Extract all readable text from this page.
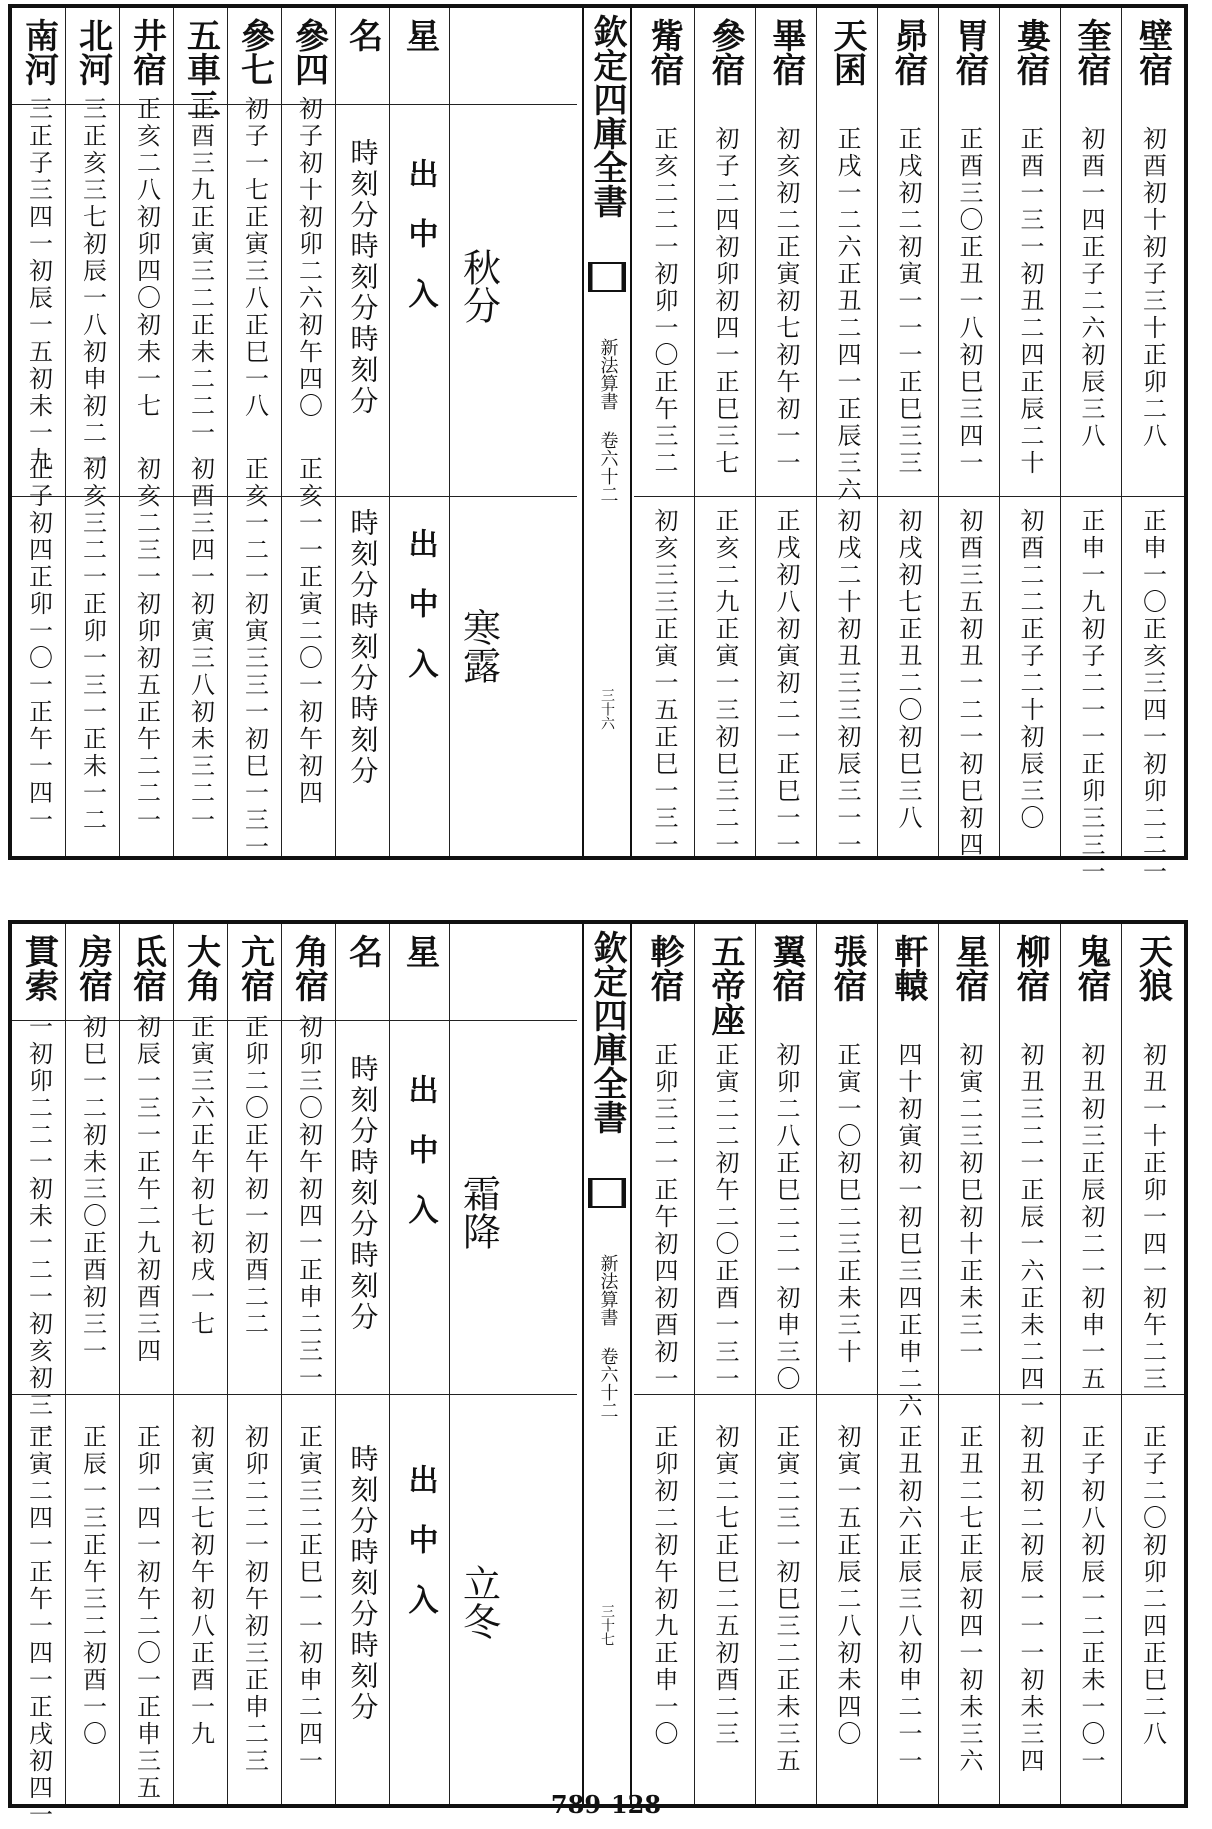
南河
三正子三四一初辰一五初未一九
正子初四正卯一〇一正午一四一
北河
三正亥三七初辰一八初申初二一
初亥三二一正卯一三一正未一二
井宿
正亥二八初卯四〇初未一七
初亥二三一初卯初五正午二二一
五車二
正酉三九正寅三二正未二二一
初酉三四一初寅三八初未三二一
參七
初子一七正寅三八正巳一八
正亥一二一初寅三三一初巳一三一
參四
初子初十初卯二六初午四〇
正亥一一正寅二〇一初午初四
名
時刻分時刻分時刻分
時刻分時刻分時刻分
星
出　中　入
出　中　入
秋分
寒露
欽定四庫全書
新法算書 卷六十二
三十六
觜宿
正亥二二一初卯一〇正午三二
初亥三三正寅一五正巳一三一
參宿
初子二四初卯初四一正巳三七
正亥二九正寅一三初巳三二一
畢宿
初亥初二正寅初七初午初一一
正戌初八初寅初二一正巳一一
天囷
正戌一二六正丑二四一正辰三六
初戌二十初丑三三初辰三一一
昴宿
正戌初二初寅一一一正巳三三
初戌初七正丑二〇初巳三八
胃宿
正酉三〇正丑一八初巳三四一
初酉三五初丑一二一初巳初四
婁宿
正酉一三一初丑二四正辰二十
初酉二二正子二十初辰三〇
奎宿
初酉一四正子二六初辰三八
正申一九初子二一一正卯三三一
壁宿
初酉初十初子三十正卯二八
正申一〇正亥三四一初卯二二一
貫索
一初卯二二一初未一二一初亥初三一
正寅二四一正午一四一正戌初四一
房宿
初巳一二初未三〇正酉初三一
正辰一三正午三二初酉一〇
氐宿
初辰一三一正午二九初酉三四
正卯一四一初午二〇一正申三五
大角
正寅三六正午初七初戌一七
初寅三七初午初八正酉一九
亢宿
正卯二〇正午初一初酉二二
初卯二二一初午初三正申二三
角宿
初卯三〇初午初四一正申二三一
正寅三二正巳一一初申二四一
名
時刻分時刻分時刻分
時刻分時刻分時刻分
星
出　中　入
出　中　入
霜降
立冬
欽定四庫全書
新法算書 卷六十二
三十七
軫宿
正卯三二一正午初四初酉初一
正卯初二初午初九正申一〇
五帝座
正寅二二初午二〇正酉一三一
初寅二七正巳二五初酉二三
翼宿
初卯二八正巳二二一初申三〇
正寅二三一初巳三二正未三五
張宿
正寅一〇初巳二三正未三十
初寅一五正辰二八初未四〇
軒轅
四十初寅初一初巳三四正申二六
正丑初六正辰三八初申二一一
星宿
初寅二三初巳初十正未三一
正丑二七正辰初四一初未三六
柳宿
初丑三二一正辰一六正未二四一
初丑初二初辰一一一初未三四
鬼宿
初丑初三正辰初二一初申一五
正子初八初辰一二正未一〇一
天狼
初丑一十正卯一四一初午二三
正子二〇初卯二四正巳二八
789-128
